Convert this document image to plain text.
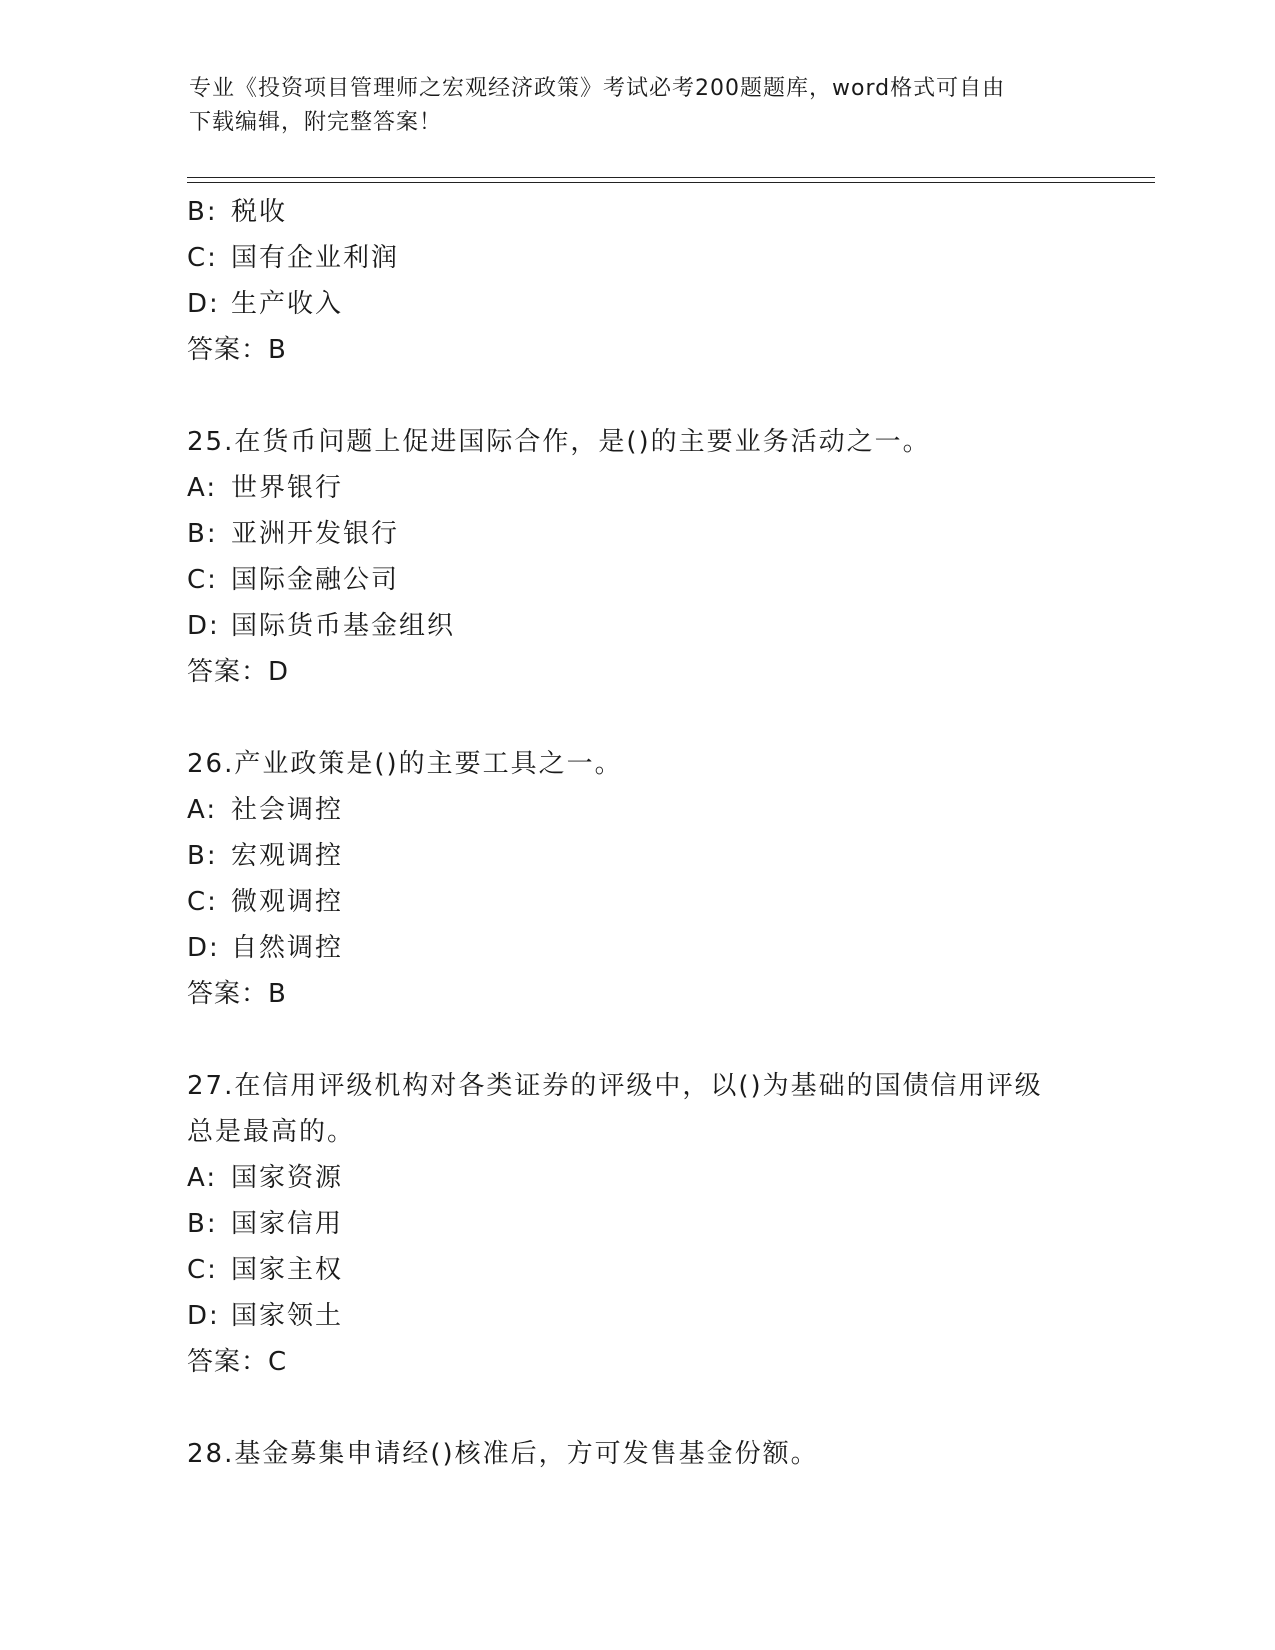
专业《投资项目管理师之宏观经济政策》考试必考200题题库，word格式可自由
下载编辑，附完整答案！
B: 税收
C: 国有企业利润
D: 生产收入
答案：B
25.在货币问题上促进国际合作，是()的主要业务活动之一。
A: 世界银行
B: 亚洲开发银行
C: 国际金融公司
D: 国际货币基金组织
答案：D
26.产业政策是()的主要工具之一。
A: 社会调控
B: 宏观调控
C: 微观调控
D: 自然调控
答案：B
27.在信用评级机构对各类证券的评级中，以()为基础的国债信用评级
总是最高的。
A: 国家资源
B: 国家信用
C: 国家主权
D: 国家领土
答案：C
28.基金募集申请经()核准后，方可发售基金份额。
